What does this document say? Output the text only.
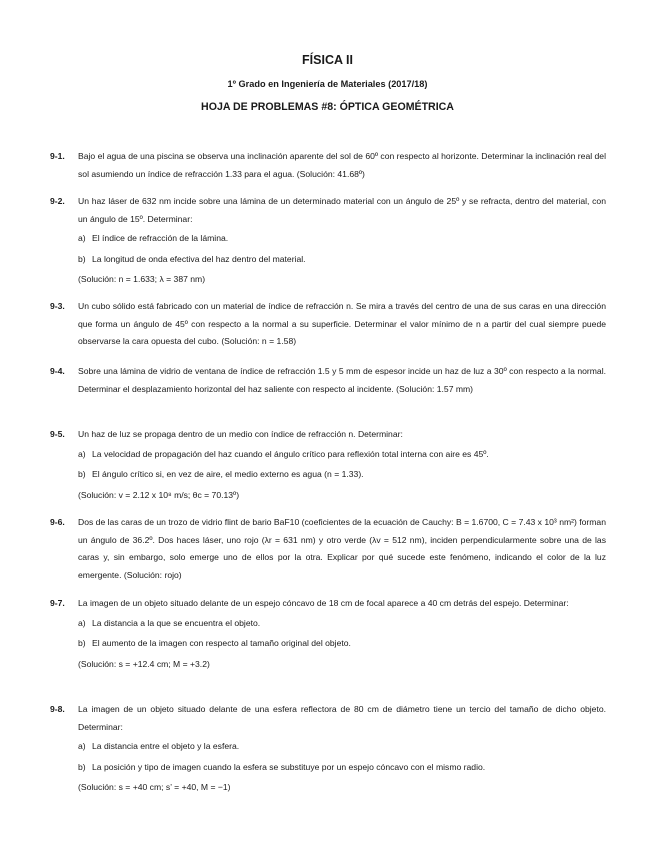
FÍSICA II
1º Grado en Ingeniería de Materiales (2017/18)
HOJA DE PROBLEMAS #8: ÓPTICA GEOMÉTRICA
9-1. Bajo el agua de una piscina se observa una inclinación aparente del sol de 60º con respecto al horizonte. Determinar la inclinación real del sol asumiendo un índice de refracción 1.33 para el agua. (Solución: 41.68º)
9-2. Un haz láser de 632 nm incide sobre una lámina de un determinado material con un ángulo de 25º y se refracta, dentro del material, con un ángulo de 15º. Determinar:
a) El índice de refracción de la lámina.
b) La longitud de onda efectiva del haz dentro del material.
(Solución: n = 1.633; λ = 387 nm)
9-3. Un cubo sólido está fabricado con un material de índice de refracción n. Se mira a través del centro de una de sus caras en una dirección que forma un ángulo de 45º con respecto a la normal a su superficie. Determinar el valor mínimo de n a partir del cual siempre puede observarse la cara opuesta del cubo. (Solución: n = 1.58)
9-4. Sobre una lámina de vidrio de ventana de índice de refracción 1.5 y 5 mm de espesor incide un haz de luz a 30º con respecto a la normal. Determinar el desplazamiento horizontal del haz saliente con respecto al incidente. (Solución: 1.57 mm)
9-5. Un haz de luz se propaga dentro de un medio con índice de refracción n. Determinar:
a) La velocidad de propagación del haz cuando el ángulo crítico para reflexión total interna con aire es 45º.
b) El ángulo crítico si, en vez de aire, el medio externo es agua (n = 1.33).
(Solución: v = 2.12 x 10⁸ m/s; θc = 70.13º)
9-6. Dos de las caras de un trozo de vidrio flint de bario BaF10 (coeficientes de la ecuación de Cauchy: B = 1.6700, C = 7.43 x 10³ nm²) forman un ángulo de 36.2º. Dos haces láser, uno rojo (λr = 631 nm) y otro verde (λv = 512 nm), inciden perpendicularmente sobre una de las caras y, sin embargo, solo emerge uno de ellos por la otra. Explicar por qué sucede este fenómeno, indicando el color de la luz emergente. (Solución: rojo)
9-7. La imagen de un objeto situado delante de un espejo cóncavo de 18 cm de focal aparece a 40 cm detrás del espejo. Determinar:
a) La distancia a la que se encuentra el objeto.
b) El aumento de la imagen con respecto al tamaño original del objeto.
(Solución: s = +12.4 cm; M = +3.2)
9-8. La imagen de un objeto situado delante de una esfera reflectora de 80 cm de diámetro tiene un tercio del tamaño de dicho objeto. Determinar:
a) La distancia entre el objeto y la esfera.
b) La posición y tipo de imagen cuando la esfera se substituye por un espejo cóncavo con el mismo radio.
(Solución: s = +40 cm; s’ = +40, M = −1)
